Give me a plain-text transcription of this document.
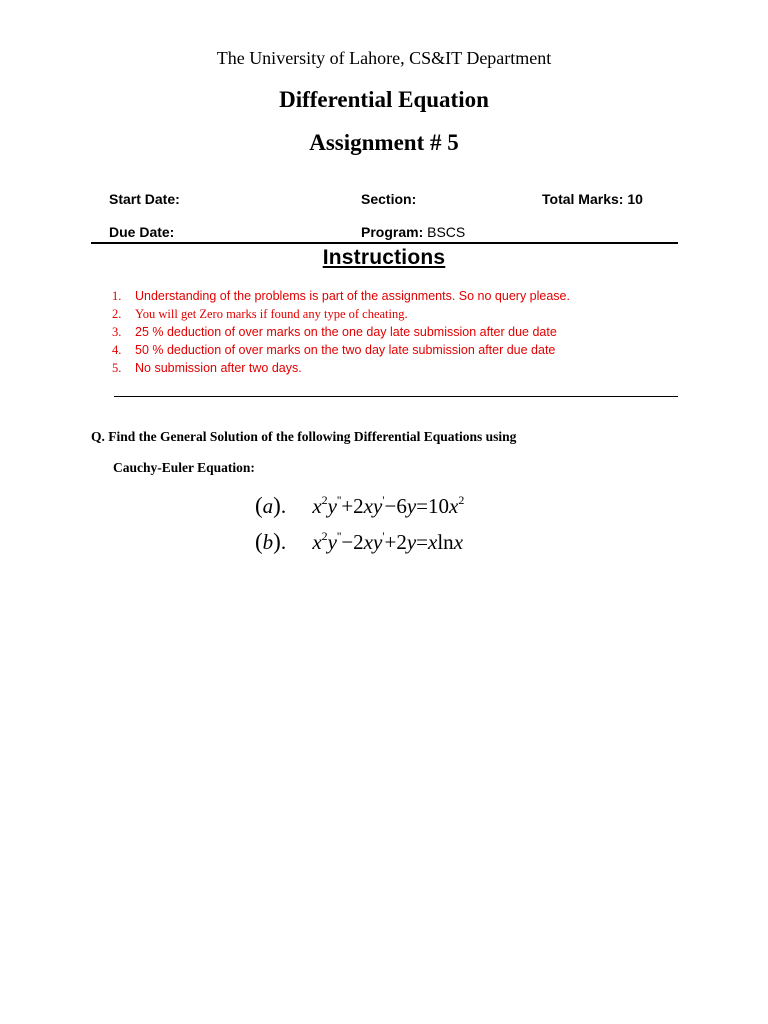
The University of Lahore, CS&IT Department
Differential Equation
Assignment # 5
Start Date:	Section:	Total Marks: 10
Due Date:	Program: BSCS
Instructions
1. Understanding of the problems is part of the assignments. So no query please.
2. You will get Zero marks if found any type of cheating.
3. 25 % deduction of over marks on the one day late submission after due date
4. 50 % deduction of over marks on the two day late submission after due date
5. No submission after two days.
Q. Find the General Solution of the following Differential Equations using
Cauchy-Euler Equation:
(a). $x^2y''+2xy'-6y=10x^2$
(b). $x^2y''-2xy'+2y=xlnx$
